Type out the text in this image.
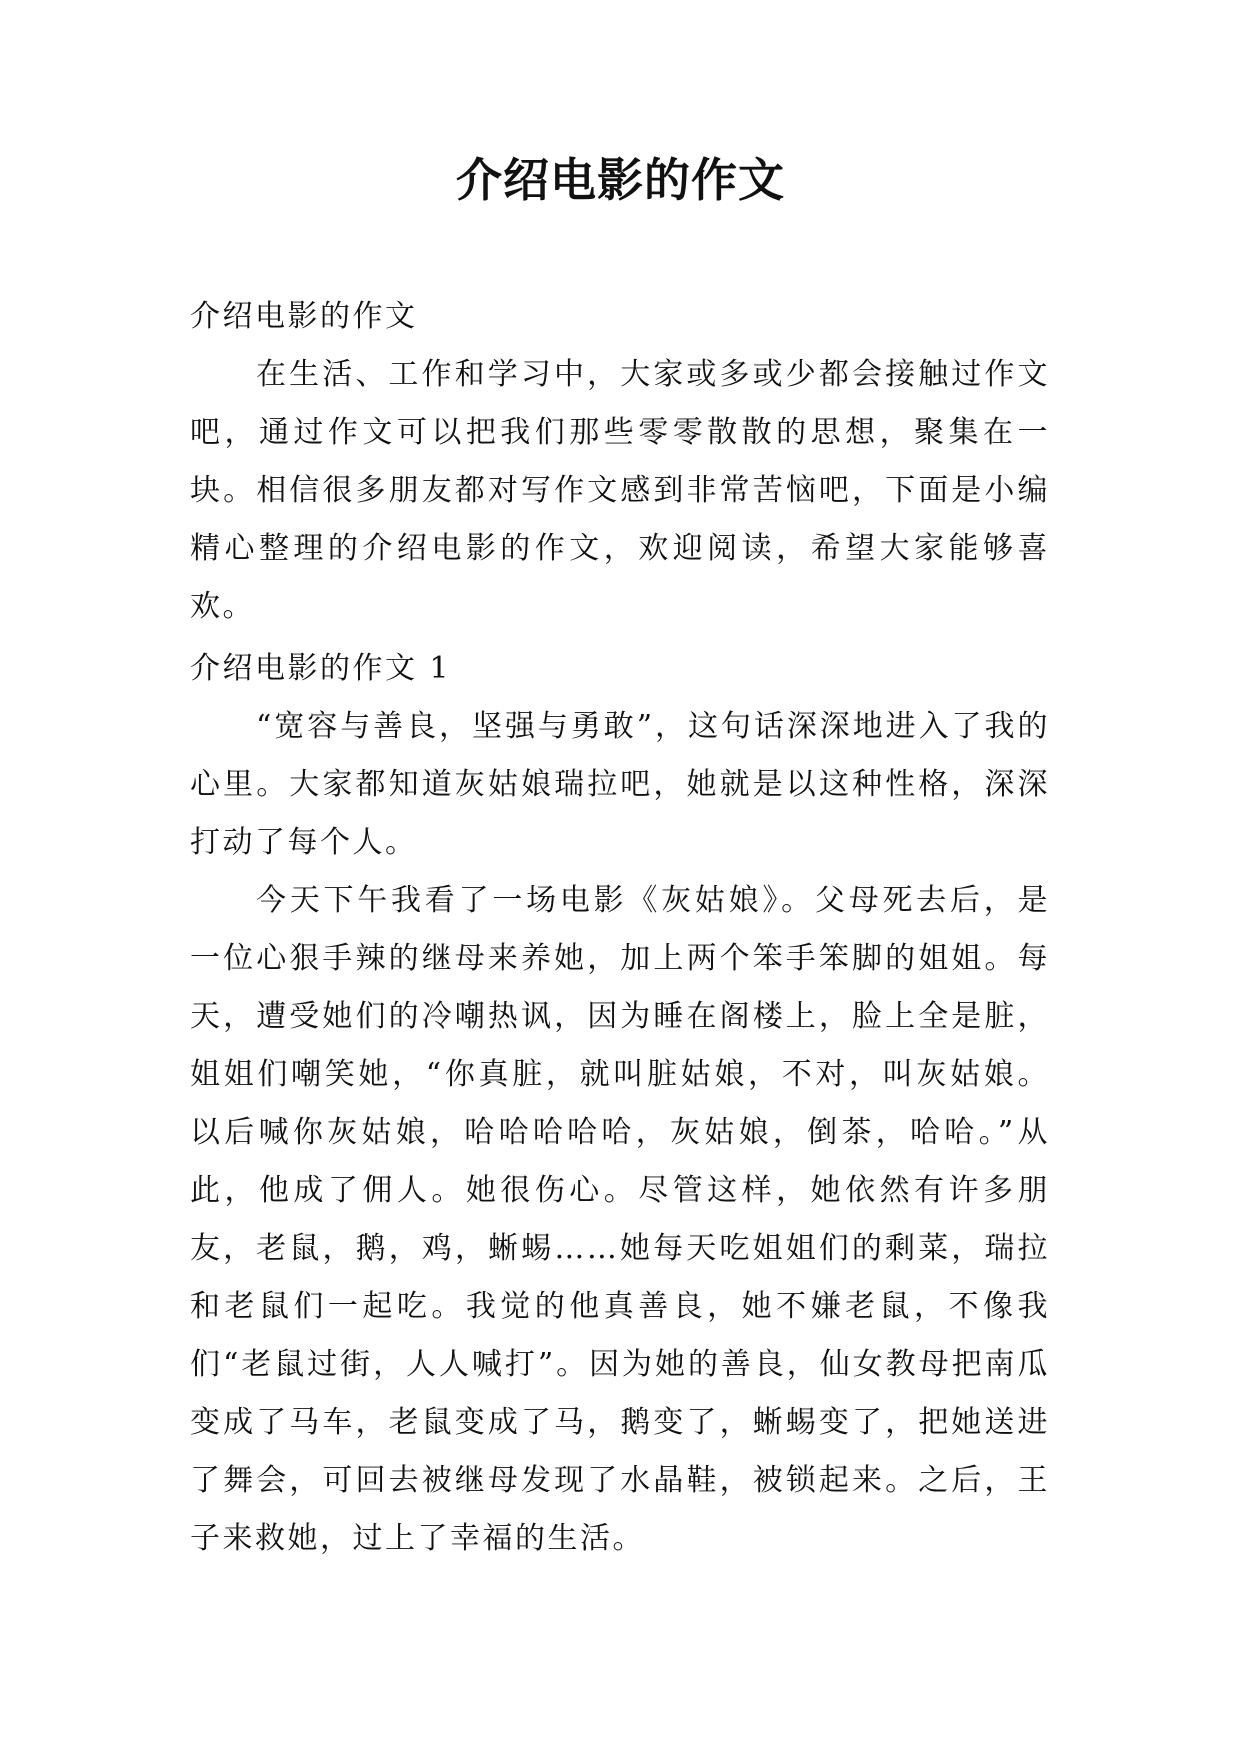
介绍电影的作文
介绍电影的作文

在生活、工作和学习中，大家或多或少都会接触过作文吧，通过作文可以把我们那些零零散散的思想，聚集在一块。相信很多朋友都对写作文感到非常苦恼吧，下面是小编精心整理的介绍电影的作文，欢迎阅读，希望大家能够喜欢。

介绍电影的作文 1

“宽容与善良，坚强与勇敢”，这句话深深地进入了我的心里。大家都知道灰姑娘瑞拉吧，她就是以这种性格，深深打动了每个人。

今天下午我看了一场电影《灰姑娘》。父母死去后，是一位心狠手辣的继母来养她，加上两个笨手笨脚的姐姐。每天，遭受她们的冷嘲热讽，因为睡在阁楼上，脸上全是脏，姐姐们嘲笑她，“你真脏，就叫脏姑娘，不对，叫灰姑娘。以后喊你灰姑娘，哈哈哈哈哈，灰姑娘，倒茶，哈哈。”从此，他成了佣人。她很伤心。尽管这样，她依然有许多朋友，老鼠，鹅，鸡，蜥蜴……她每天吃姐姐们的剩菜，瑞拉和老鼠们一起吃。我觉的他真善良，她不嫌老鼠，不像我们“老鼠过街，人人喊打”。因为她的善良，仙女教母把南瓜变成了马车，老鼠变成了马，鹅变了，蜥蜴变了，把她送进了舞会，可回去被继母发现了水晶鞋，被锁起来。之后，王子来救她，过上了幸福的生活。
